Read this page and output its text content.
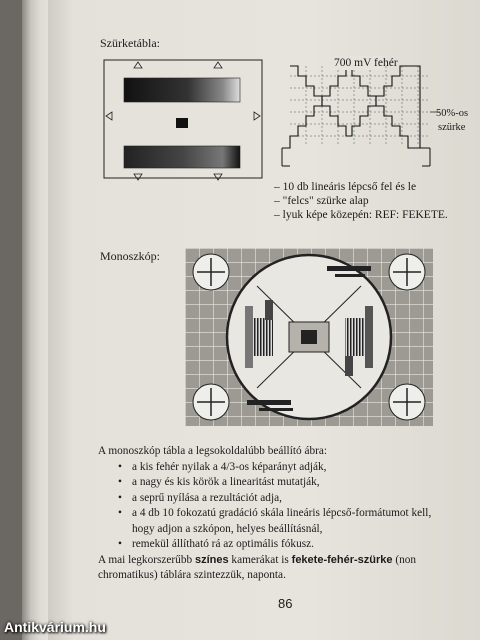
Szürketábla:
700 mV fehér
50%-os
szürke
– 10 db lineáris lépcső fel és le
– "felcs" szürke alap
– lyuk képe közepén: REF: FEKETE.
Monoszkóp:
A monoszkóp tábla a legsokoldalúbb beállító ábra:
• a kis fehér nyilak a 4/3-os képarányt adják,
• a nagy és kis körök a linearitást mutatják,
• a seprű nyílása a rezultációt adja,
• a 4 db 10 fokozatú gradáció skála lineáris lépcső-formátumot kell, hogy adjon a szkópon, helyes beállításnál,
• remekül állítható rá az optimális fókusz.
A mai legkorszerűbb színes kamerákat is fekete-fehér-szürke (non chromatikus) táblára szintezzük, naponta.
86
Antikvárium.hu
